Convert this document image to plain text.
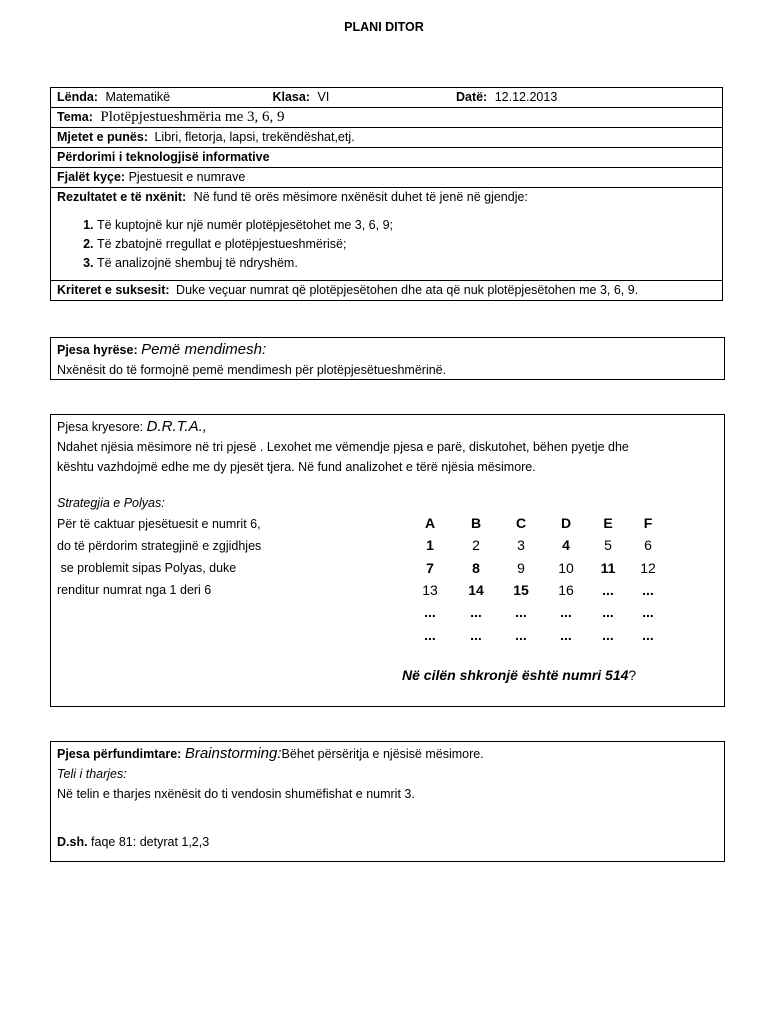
PLANI DITOR
Lënda: Matematikë	Klasa: VI	Datë: 12.12.2013
Tema: Plotëpjestueshmëria me 3, 6, 9
Mjetet e punës: Libri, fletorja, lapsi, trekëndëshat,etj.
Përdorimi i teknologjisë informative
Fjalët kyçe: Pjestuesit e numrave
Rezultatet e të nxënit: Në fund të orës mësimore nxënësit duhet të jenë në gjendje:
1. Të kuptojnë kur një numër plotëpjesëtohet me 3, 6, 9;
2. Të zbatojnë rregullat e plotëpjestueshmërisë;
3. Të analizojnë shembuj të ndryshëm.

Kriteret e suksesit: Duke veçuar numrat që plotëpjesëtohen dhe ata që nuk plotëpjesëtohen me 3, 6, 9.
Pjesa hyrëse: Pemë mendimesh:
Nxënësit do të formojnë pemë mendimesh për plotëpjesëtueshmërinë.
Pjesa kryesore: D.R.T.A.,
Ndahet njësia mësimore në tri pjesë . Lexohet me vëmendje pjesa e parë, diskutohet, bëhen pyetje dhe
kështu vazhdojmë edhe me dy pjesët tjera. Në fund analizohet e tërë njësia mësimore.
Strategjia e Polyas:
Për të caktuar pjesëtuesit e numrit 6,
do të përdorim strategjinë e zgjidhjes
se problemit sipas Polyas, duke
renditur numrat nga 1 deri 6
A	B	C	D	E	F
1	2	3	4	5	6
7	8	9	10	11	12
13	14	15	16	...	...
...	...	...	...	...	...
...	...	...	...	...	...
Në cilën shkronjë është numri 514?
Pjesa përfundimtare: Brainstorming:Bëhet përsëritja e njësisë mësimore.
Teli i tharjes:
Në telin e tharjes nxënësit do ti vendosin shumëfishat e numrit 3.
D.sh. faqe 81: detyrat 1,2,3
